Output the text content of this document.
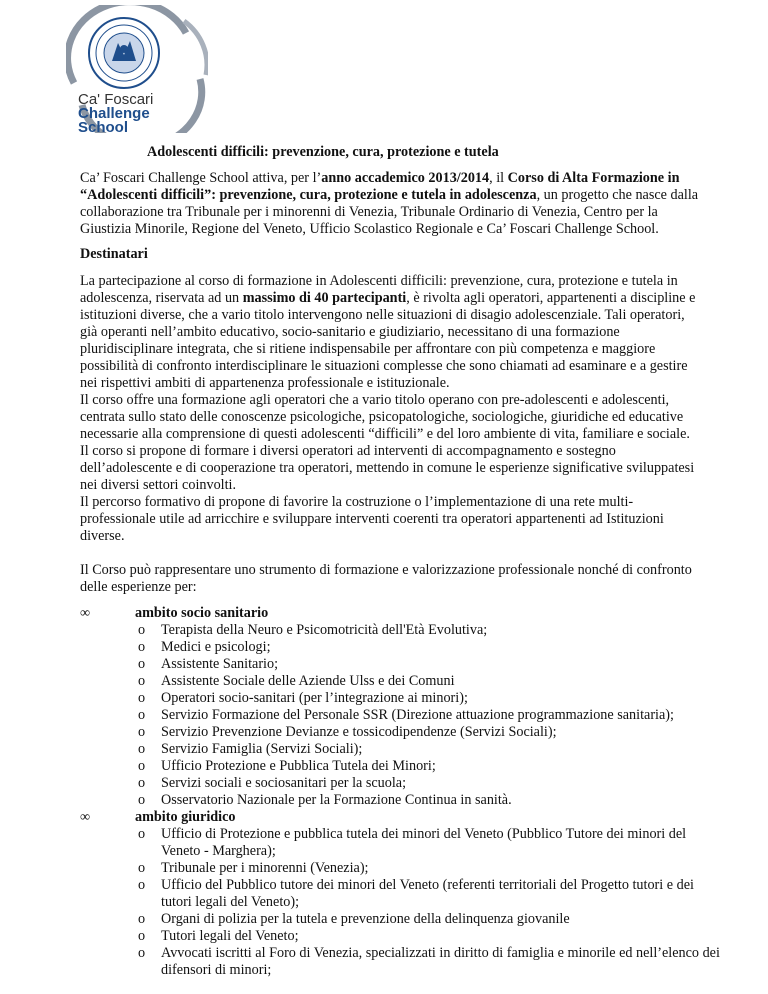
Ca' Foscari
Challenge
School
Adolescenti difficili: prevenzione, cura, protezione e tutela

Ca’ Foscari Challenge School attiva, per l’anno accademico 2013/2014, il Corso di Alta Formazione in “Adolescenti difficili”: prevenzione, cura, protezione e tutela in adolescenza, un progetto che nasce dalla collaborazione tra Tribunale per i minorenni di Venezia, Tribunale Ordinario di Venezia, Centro per la Giustizia Minorile, Regione del Veneto, Ufficio Scolastico Regionale e Ca’ Foscari Challenge School.

Destinatari

La partecipazione al corso di formazione in Adolescenti difficili: prevenzione, cura, protezione e tutela in adolescenza, riservata ad un massimo di 40 partecipanti, è rivolta agli operatori, appartenenti a discipline e istituzioni diverse, che a vario titolo intervengono nelle situazioni di disagio adolescenziale. Tali operatori, già operanti nell’ambito educativo, socio-sanitario e giudiziario, necessitano di una formazione pluridisciplinare integrata, che si ritiene indispensabile per affrontare con più competenza e maggiore possibilità di confronto interdisciplinare le situazioni complesse che sono chiamati ad esaminare e a gestire nei rispettivi ambiti di appartenenza professionale e istituzionale.

Il corso offre una formazione agli operatori che a vario titolo operano con pre-adolescenti e adolescenti, centrata sullo stato delle conoscenze psicologiche, psicopatologiche, sociologiche, giuridiche ed educative necessarie alla comprensione di questi adolescenti “difficili” e del loro ambiente di vita, familiare e sociale.
Il corso si propone di formare i diversi operatori ad interventi di accompagnamento e sostegno dell’adolescente e di cooperazione tra operatori, mettendo in comune le esperienze significative sviluppatesi nei diversi settori coinvolti.
Il percorso formativo di propone di favorire la costruzione o l’implementazione di una rete multi-professionale utile ad arricchire e sviluppare interventi coerenti tra operatori appartenenti ad Istituzioni diverse.

Il Corso può rappresentare uno strumento di formazione e valorizzazione professionale nonché di confronto delle esperienze per:

∞	ambito socio sanitario
o Terapista della Neuro e Psicomotricità dell'Età Evolutiva;
o Medici e psicologi;
o Assistente Sanitario;
o Assistente Sociale delle Aziende Ulss e dei Comuni
o Operatori socio-sanitari (per l’integrazione ai minori);
o Servizio Formazione del Personale SSR (Direzione attuazione programmazione sanitaria);
o Servizio Prevenzione Devianze e tossicodipendenze (Servizi Sociali);
o Servizio Famiglia (Servizi Sociali);
o Ufficio Protezione e Pubblica Tutela dei Minori;
o Servizi sociali e sociosanitari per la scuola;
o Osservatorio Nazionale per la Formazione Continua in sanità.
∞	ambito giuridico
o Ufficio di Protezione e pubblica tutela dei minori del Veneto (Pubblico Tutore dei minori del Veneto - Marghera);
o Tribunale per i minorenni (Venezia);
o Ufficio del Pubblico tutore dei minori del Veneto (referenti territoriali del Progetto tutori e dei tutori legali del Veneto);
o Organi di polizia per la tutela e prevenzione della delinquenza giovanile
o Tutori legali del Veneto;
o Avvocati iscritti al Foro di Venezia, specializzati in diritto di famiglia e minorile ed nell’elenco dei difensori di minori;
